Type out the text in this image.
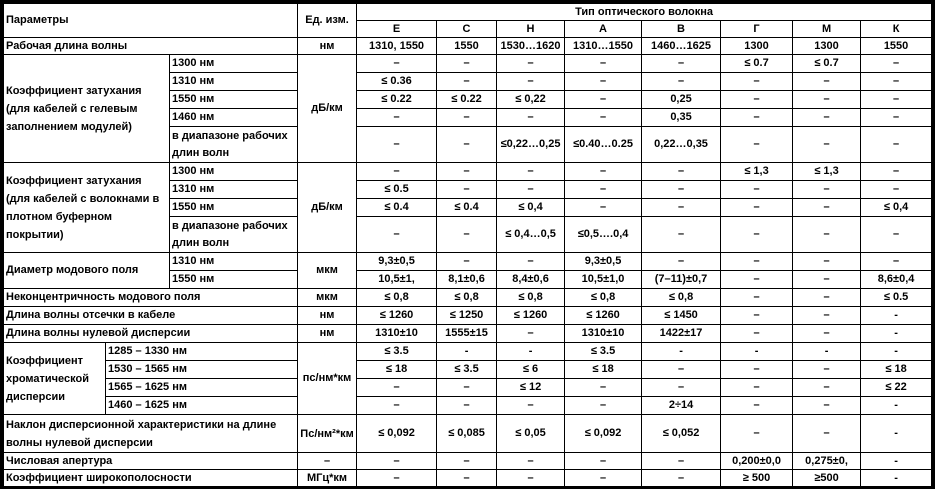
Параметры			Ед. изм.	Тип оптического волокна							
				Е	С	Н	А	В	Г	М	К
Рабочая длина волны			нм	1310, 1550	1550	1530…1620	1310…1550	1460…1625	1300	1300	1550
Коэффициент затухания (для кабелей с гелевым заполнением модулей)		1300 нм	дБ/км	–	–	–	–	–	≤ 0.7	≤ 0.7	–
		1310 нм		≤ 0.36	–	–	–	–	–	–	–
		1550 нм		≤ 0.22	≤ 0.22	≤ 0,22	–	0,25	–	–	–
		1460 нм		–	–	–	–	0,35	–	–	–
		в диапазоне рабочих длин волн		–	–	≤0,22…0,25	≤0.40…0.25	0,22…0,35	–	–	–
Коэффициент затухания (для кабелей с волокнами в плотном буферном покрытии)		1300 нм	дБ/км	–	–	–	–	–	≤ 1,3	≤ 1,3	–
		1310 нм		≤ 0.5	–	–	–	–	–	–	–
		1550 нм		≤ 0.4	≤ 0.4	≤ 0,4	–	–	–	–	≤ 0,4
		в диапазоне рабочих длин волн		–	–	≤ 0,4…0,5	≤0,5….0,4	–	–	–	–
Диаметр модового поля		1310 нм	мкм	9,3±0,5	–	–	9,3±0,5	–	–	–	–
		1550 нм		10,5±1,	8,1±0,6	8,4±0,6	10,5±1,0	(7–11)±0,7	–	–	8,6±0,4
Неконцентричность модового поля			мкм	≤ 0,8	≤ 0,8	≤ 0,8	≤ 0,8	≤ 0,8	–	–	≤ 0.5
Длина волны отсечки в кабеле			нм	≤ 1260	≤ 1250	≤ 1260	≤ 1260	≤ 1450	–	–	-
Длина волны нулевой дисперсии			нм	1310±10	1555±15	–	1310±10	1422±17	–	–	-
Коэффициент хроматической дисперсии	1285 – 1330 нм		пс/нм*км	≤ 3.5	-	-	≤ 3.5	-	-	-	-
	1530 – 1565 нм			≤ 18	≤ 3.5	≤ 6	≤ 18	–	–	–	≤ 18
	1565 – 1625 нм			–	–	≤ 12	–	–	–	–	≤ 22
	1460 – 1625 нм			–	–	–	–	2÷14	–	–	-
Наклон дисперсионной характеристики на длине волны нулевой дисперсии			Пс/нм²*км	≤ 0,092	≤ 0,085	≤ 0,05	≤ 0,092	≤ 0,052	–	–	-
Числовая апертура			–	–	–	–	–	–	0,200±0,0	0,275±0,	-
Коэффициент широкополосности			МГц*км	–	–	–	–	–	≥ 500	≥500	-
